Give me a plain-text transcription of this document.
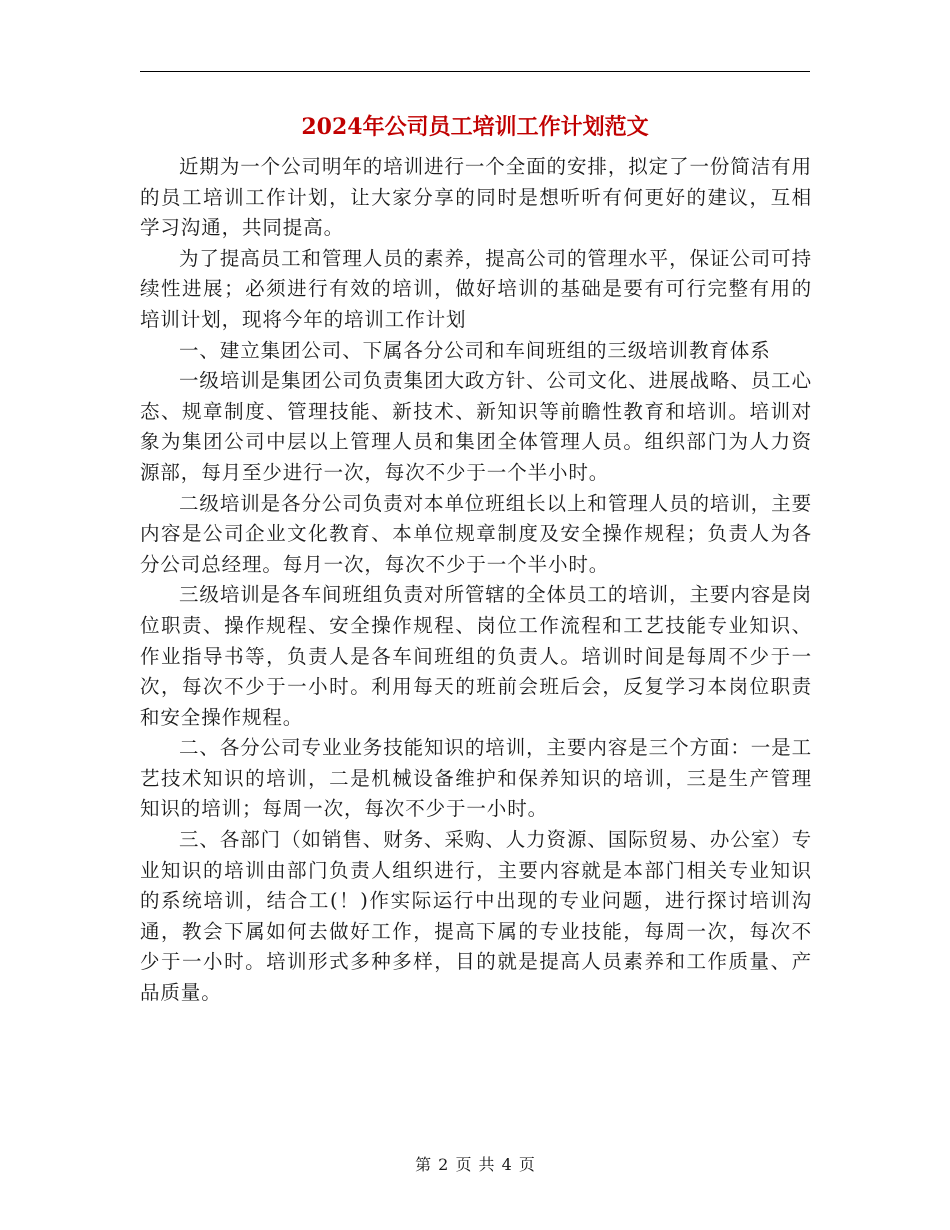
2024年公司员工培训工作计划范文

近期为一个公司明年的培训进行一个全面的安排，拟定了一份简洁有用的员工培训工作计划，让大家分享的同时是想听听有何更好的建议，互相学习沟通，共同提高。

为了提高员工和管理人员的素养，提高公司的管理水平，保证公司可持续性进展；必须进行有效的培训，做好培训的基础是要有可行完整有用的培训计划，现将今年的培训工作计划

一、建立集团公司、下属各分公司和车间班组的三级培训教育体系

一级培训是集团公司负责集团大政方针、公司文化、进展战略、员工心态、规章制度、管理技能、新技术、新知识等前瞻性教育和培训。培训对象为集团公司中层以上管理人员和集团全体管理人员。组织部门为人力资源部，每月至少进行一次，每次不少于一个半小时。

二级培训是各分公司负责对本单位班组长以上和管理人员的培训，主要内容是公司企业文化教育、本单位规章制度及安全操作规程；负责人为各分公司总经理。每月一次，每次不少于一个半小时。

三级培训是各车间班组负责对所管辖的全体员工的培训，主要内容是岗位职责、操作规程、安全操作规程、岗位工作流程和工艺技能专业知识、作业指导书等，负责人是各车间班组的负责人。培训时间是每周不少于一次，每次不少于一小时。利用每天的班前会班后会，反复学习本岗位职责和安全操作规程。

二、各分公司专业业务技能知识的培训，主要内容是三个方面：一是工艺技术知识的培训，二是机械设备维护和保养知识的培训，三是生产管理知识的培训；每周一次，每次不少于一小时。

三、各部门（如销售、财务、采购、人力资源、国际贸易、办公室）专业知识的培训由部门负责人组织进行，主要内容就是本部门相关专业知识的系统培训，结合工(！)作实际运行中出现的专业问题，进行探讨培训沟通，教会下属如何去做好工作，提高下属的专业技能，每周一次，每次不少于一小时。培训形式多种多样，目的就是提高人员素养和工作质量、产品质量。

第 2 页 共 4 页
